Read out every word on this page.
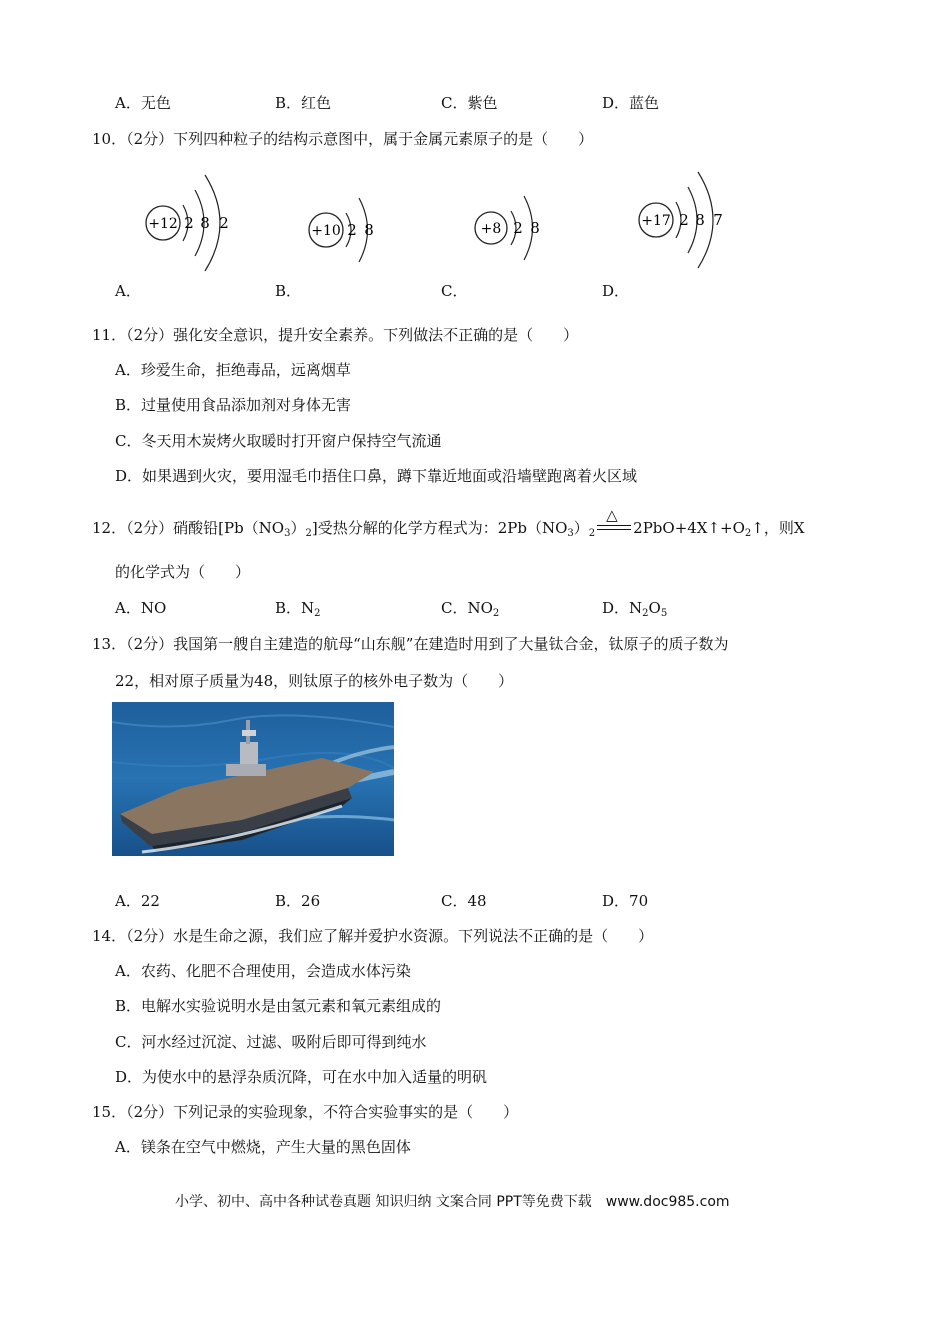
A．无色	B．红色	C．紫色	D．蓝色
10．（2分）下列四种粒子的结构示意图中，属于金属元素原子的是（　　）
+12 2 8 2	+10 2 8	+8 2 8	+17 2 8 7
A．	B．	C．	D．
11．（2分）强化安全意识，提升安全素养。下列做法不正确的是（　　）
A．珍爱生命，拒绝毒品，远离烟草
B．过量使用食品添加剂对身体无害
C．冬天用木炭烤火取暖时打开窗户保持空气流通
D．如果遇到火灾，要用湿毛巾捂住口鼻，蹲下靠近地面或沿墙壁跑离着火区域
12．（2分）硝酸铅$[Pb(NO_3)_2]$受热分解的化学方程式为：$2Pb(NO_3)_2$
△
$2PbO+4X↑+O_2↑$，则X
的化学式为（　　）
A．NO	B．$N_2$	C．$NO_2$	D．$N_2O_5$
13．（2分）我国第一艘自主建造的航母“山东舰”在建造时用到了大量钛合金，钛原子的质子数为
22，相对原子质量为48，则钛原子的核外电子数为（　　）
A．22	B．26	C．48	D．70
14．（2分）水是生命之源，我们应了解并爱护水资源。下列说法不正确的是（　　）
A．农药、化肥不合理使用，会造成水体污染
B．电解水实验说明水是由氢元素和氧元素组成的
C．河水经过沉淀、过滤、吸附后即可得到纯水
D．为使水中的悬浮杂质沉降，可在水中加入适量的明矾
15．（2分）下列记录的实验现象，不符合实验事实的是（　　）
A．镁条在空气中燃烧，产生大量的黑色固体
小学、初中、高中各种试卷真题 知识归纳 文案合同 PPT等免费下载　www.doc985.com
